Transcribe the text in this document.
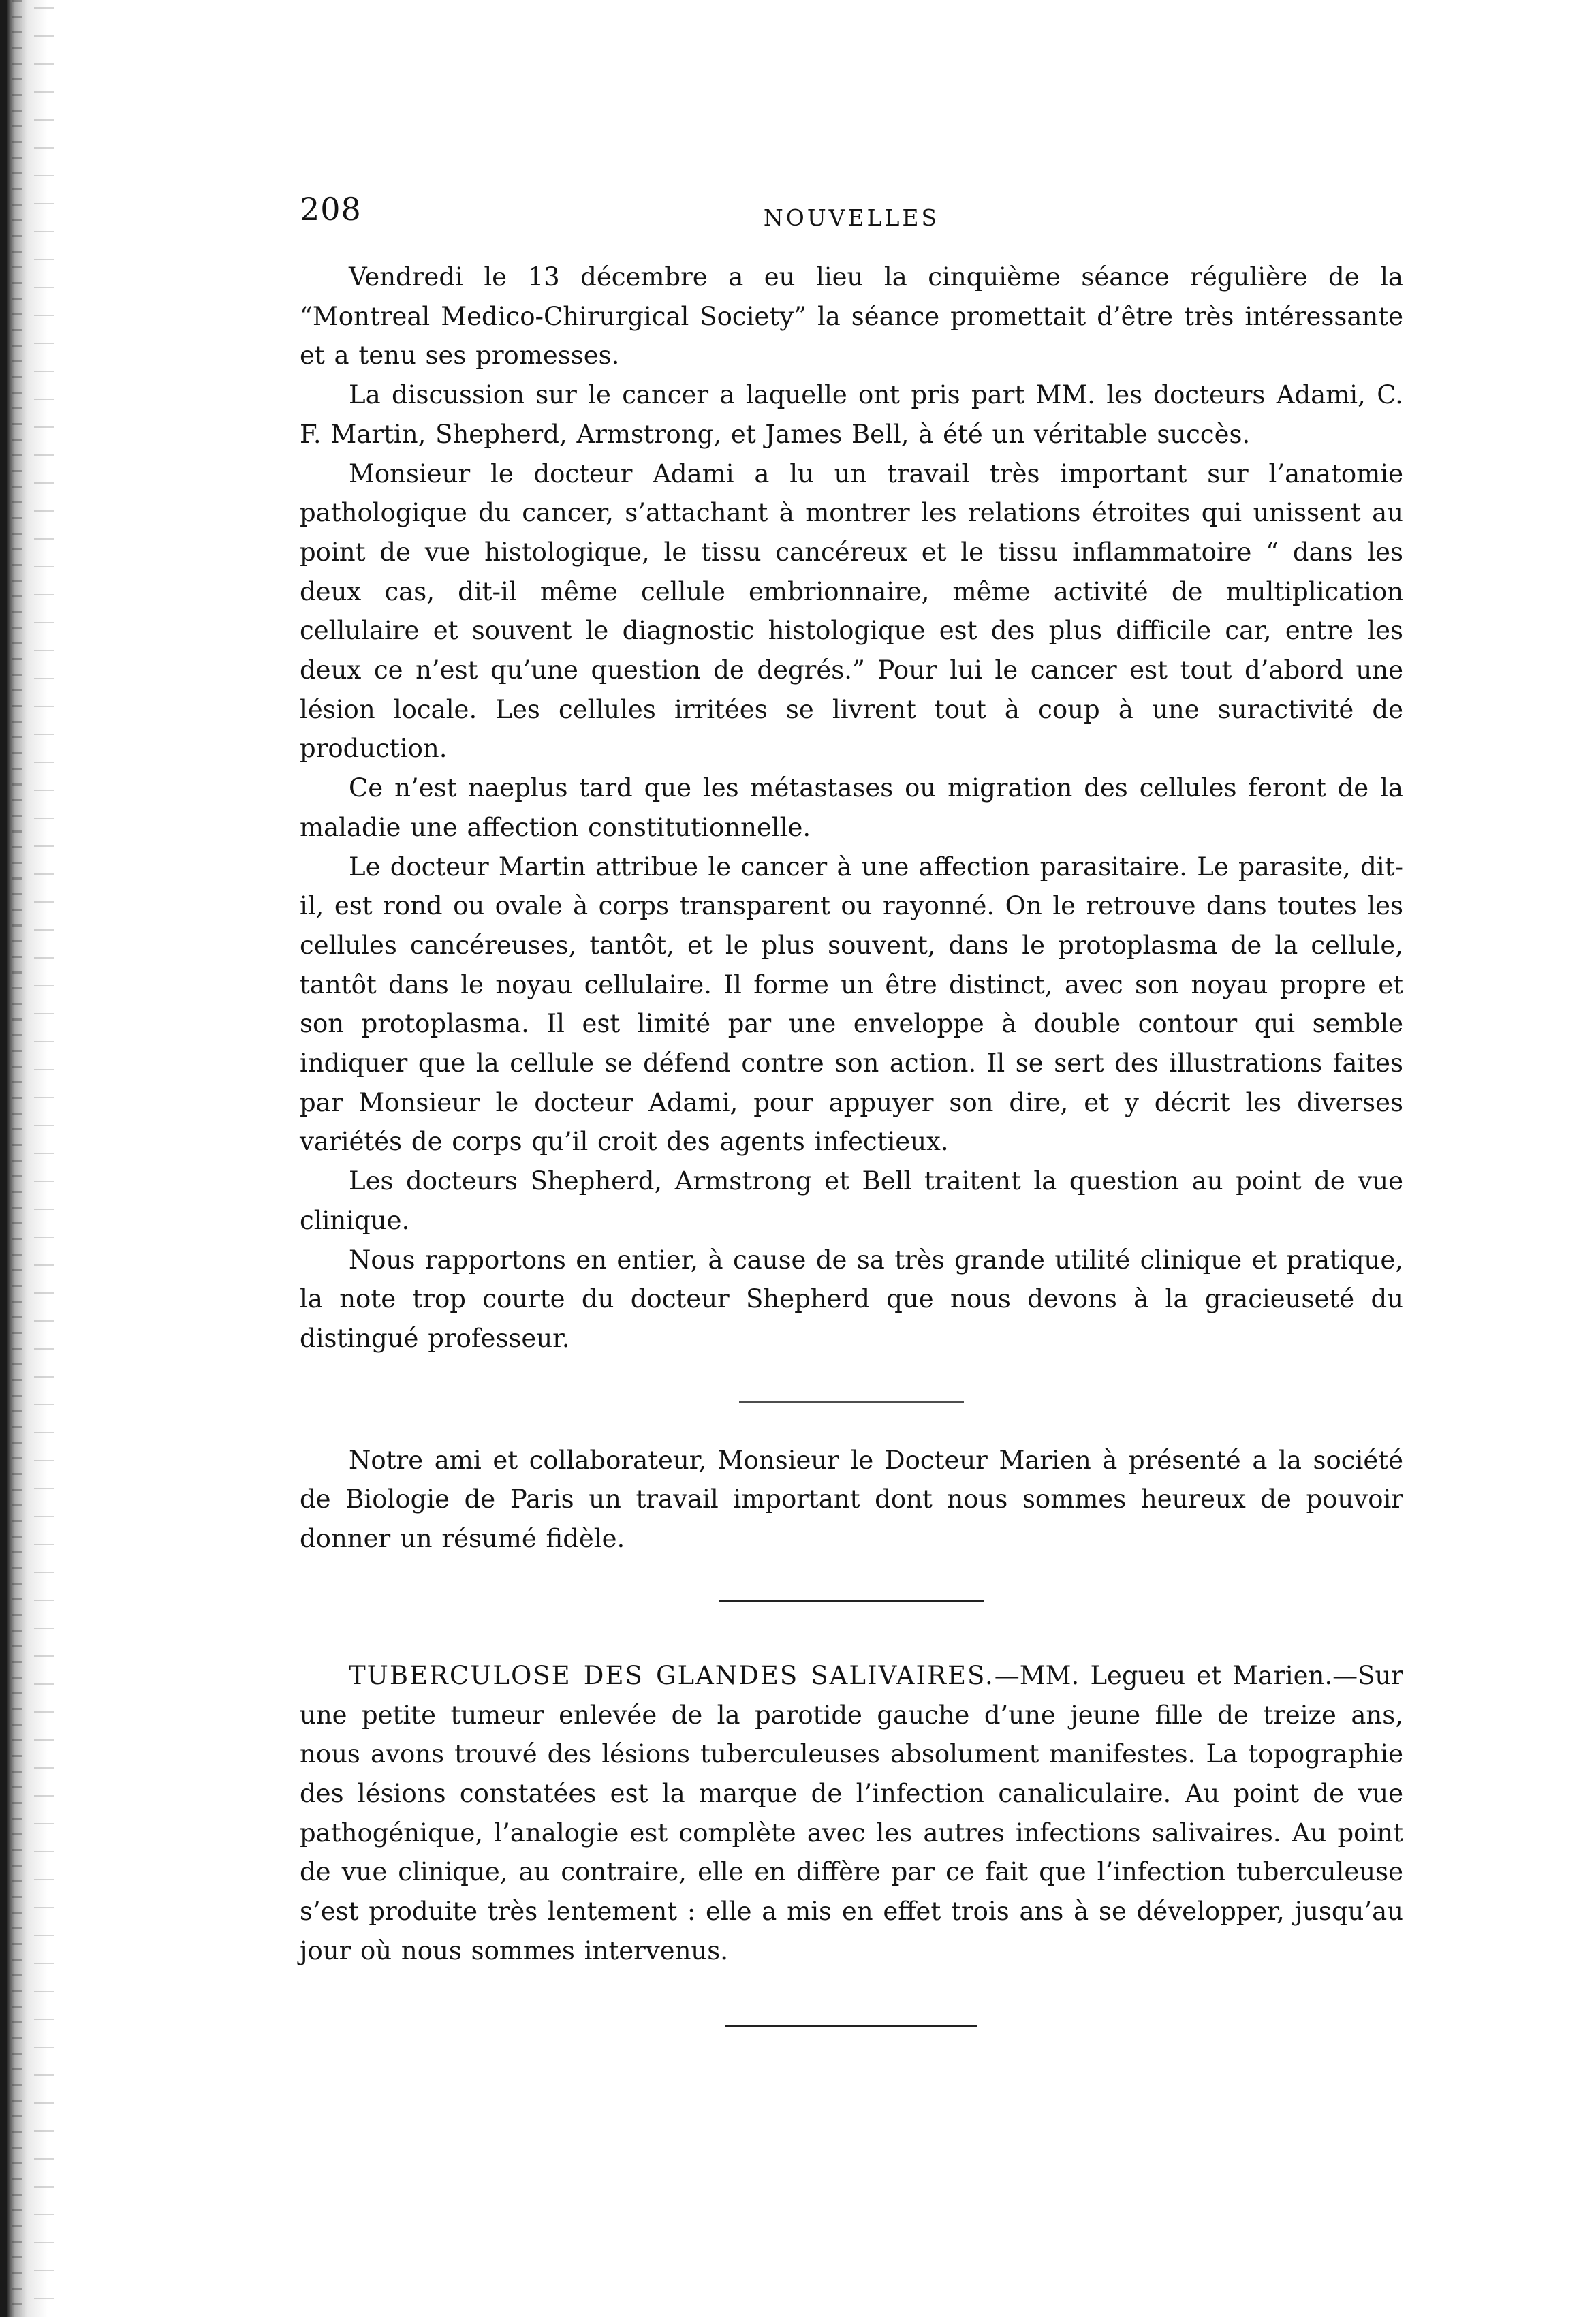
208	NOUVELLES

Vendredi le 13 décembre a eu lieu la cinquième séance régulière de la “Montreal Medico-Chirurgical Society” la séance promettait d’être très intéressante et a tenu ses promesses.

La discussion sur le cancer a laquelle ont pris part MM. les docteurs Adami, C. F. Martin, Shepherd, Armstrong, et James Bell, à été un véritable succès.

Monsieur le docteur Adami a lu un travail très important sur l’anatomie pathologique du cancer, s’attachant à montrer les relations étroites qui unissent au point de vue histologique, le tissu cancéreux et le tissu inflammatoire “ dans les deux cas, dit-il même cellule embrionnaire, même activité de multiplication cellulaire et souvent le diagnostic histologique est des plus difficile car, entre les deux ce n’est qu’une question de degrés.” Pour lui le cancer est tout d’abord une lésion locale. Les cellules irritées se livrent tout à coup à une suractivité de production.

Ce n’est naeplus tard que les métastases ou migration des cellules feront de la maladie une affection constitutionnelle.

Le docteur Martin attribue le cancer à une affection parasitaire. Le parasite, dit-il, est rond ou ovale à corps transparent ou rayonné. On le retrouve dans toutes les cellules cancéreuses, tantôt, et le plus souvent, dans le protoplasma de la cellule, tantôt dans le noyau cellulaire. Il forme un être distinct, avec son noyau propre et son protoplasma. Il est limité par une enveloppe à double contour qui semble indiquer que la cellule se défend contre son action. Il se sert des illustrations faites par Monsieur le docteur Adami, pour appuyer son dire, et y décrit les diverses variétés de corps qu’il croit des agents infectieux.

Les docteurs Shepherd, Armstrong et Bell traitent la question au point de vue clinique.

Nous rapportons en entier, à cause de sa très grande utilité clinique et pratique, la note trop courte du docteur Shepherd que nous devons à la gracieuseté du distingué professeur.

Notre ami et collaborateur, Monsieur le Docteur Marien à présenté a la société de Biologie de Paris un travail important dont nous sommes heureux de pouvoir donner un résumé fidèle.

TUBERCULOSE DES GLANDES SALIVAIRES.—MM. Legueu et Marien.—Sur une petite tumeur enlevée de la parotide gauche d’une jeune fille de treize ans, nous avons trouvé des lésions tuberculeuses absolument manifestes. La topographie des lésions constatées est la marque de l’infection canaliculaire. Au point de vue pathogénique, l’analogie est complète avec les autres infections salivaires. Au point de vue clinique, au contraire, elle en diffère par ce fait que l’infection tuberculeuse s’est produite très lentement : elle a mis en effet trois ans à se développer, jusqu’au jour où nous sommes intervenus.
